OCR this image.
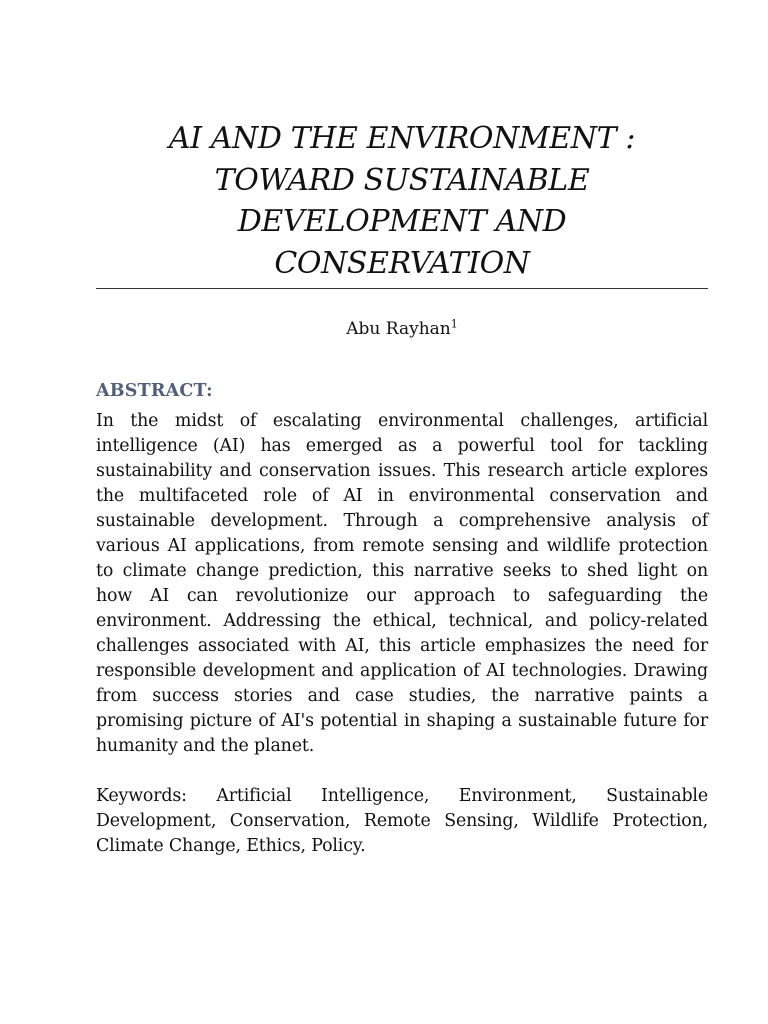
AI AND THE ENVIRONMENT : TOWARD SUSTAINABLE DEVELOPMENT AND CONSERVATION
Abu Rayhan$^1$
ABSTRACT:

In the midst of escalating environmental challenges, artificial intelligence (AI) has emerged as a powerful tool for tackling sustainability and conservation issues. This research article explores the multifaceted role of AI in environmental conservation and sustainable development. Through a comprehensive analysis of various AI applications, from remote sensing and wildlife protection to climate change prediction, this narrative seeks to shed light on how AI can revolutionize our approach to safeguarding the environment. Addressing the ethical, technical, and policy-related challenges associated with AI, this article emphasizes the need for responsible development and application of AI technologies. Drawing from success stories and case studies, the narrative paints a promising picture of AI's potential in shaping a sustainable future for humanity and the planet.

Keywords: Artificial Intelligence, Environment, Sustainable Development, Conservation, Remote Sensing, Wildlife Protection, Climate Change, Ethics, Policy.
